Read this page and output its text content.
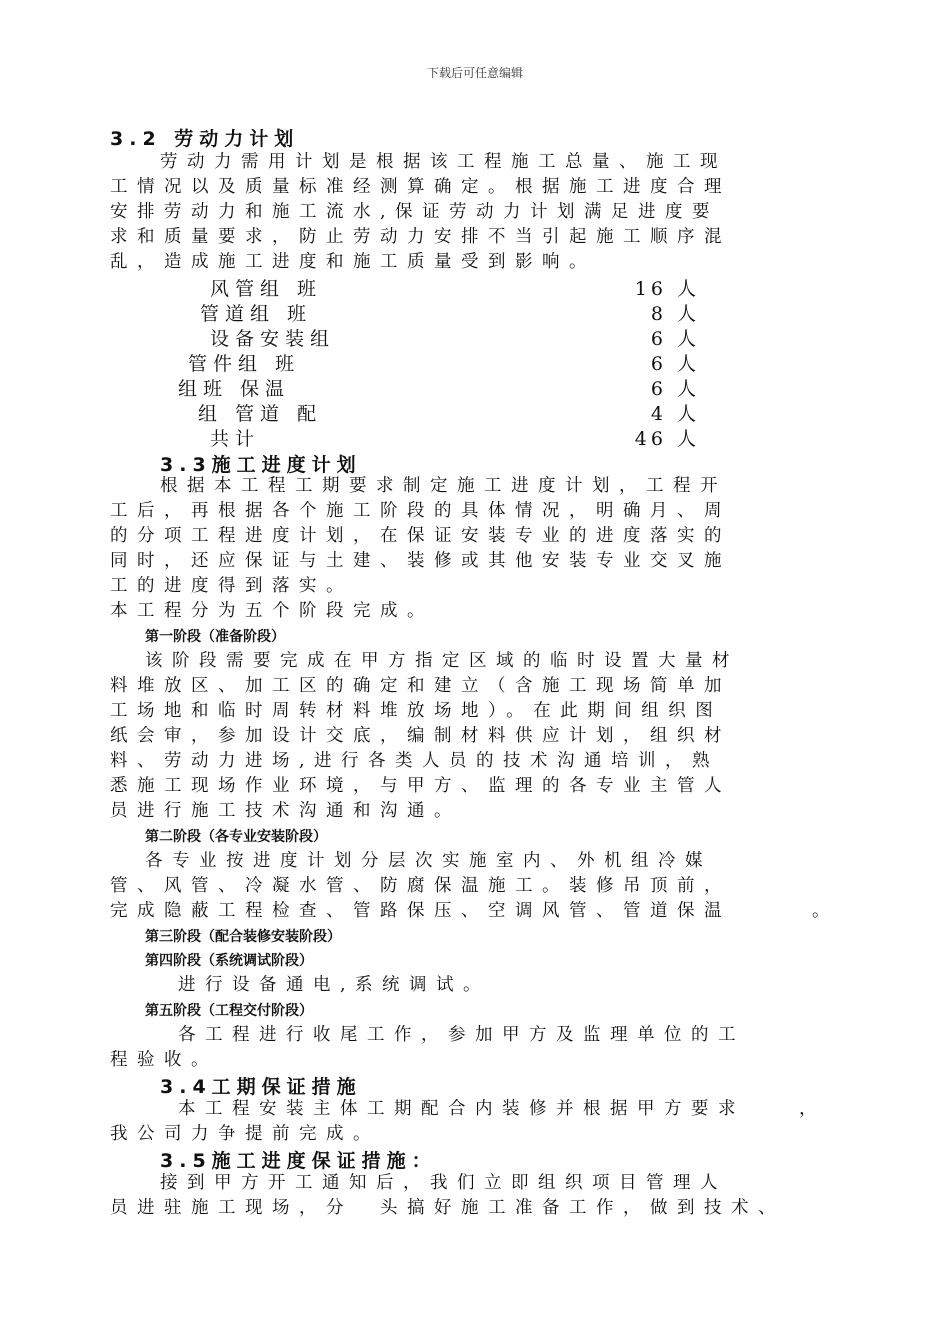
下载后可任意编辑
3.2 劳动力计划
劳动力需用计划是根据该工程施工总量、施工现
工情况以及质量标准经测算确定。根据施工进度合理
安排劳动力和施工流水,保证劳动力计划满足进度要
求和质量要求，防止劳动力安排不当引起施工顺序混
乱，造成施工进度和施工质量受到影响。
风管组 班	16 人
管道组 班	8 人
设备安装组	6 人
管件组 班	6 人
组班 保温	6 人
组 管道 配	4 人
共计	46 人
3.3施工进度计划
根据本工程工期要求制定施工进度计划，工程开
工后，再根据各个施工阶段的具体情况，明确月、周
的分项工程进度计划，在保证安装专业的进度落实的
同时，还应保证与土建、装修或其他安装专业交叉施
工的进度得到落实。
本工程分为五个阶段完成。
第一阶段（准备阶段）
该阶段需要完成在甲方指定区域的临时设置大量材
料堆放区、加工区的确定和建立（含施工现场简单加
工场地和临时周转材料堆放场地）。在此期间组织图
纸会审，参加设计交底，编制材料供应计划，组织材
料、劳动力进场,进行各类人员的技术沟通培训，熟
悉施工现场作业环境，与甲方、监理的各专业主管人
员进行施工技术沟通和沟通。
第二阶段（各专业安装阶段）
各专业按进度计划分层次实施室内、外机组冷媒
管、风管、冷凝水管、防腐保温施工。装修吊顶前，
完成隐蔽工程检查、管路保压、空调风管、管道保温　　　。
第三阶段（配合装修安装阶段）
第四阶段（系统调试阶段）
进行设备通电,系统调试。
第五阶段（工程交付阶段）
各工程进行收尾工作，参加甲方及监理单位的工
程验收。
3.4工期保证措施
本工程安装主体工期配合内装修并根据甲方要求　　，
我公司力争提前完成。
3.5施工进度保证措施：
接到甲方开工通知后，我们立即组织项目管理人
员进驻施工现场，分　头搞好施工准备工作，做到技术、
